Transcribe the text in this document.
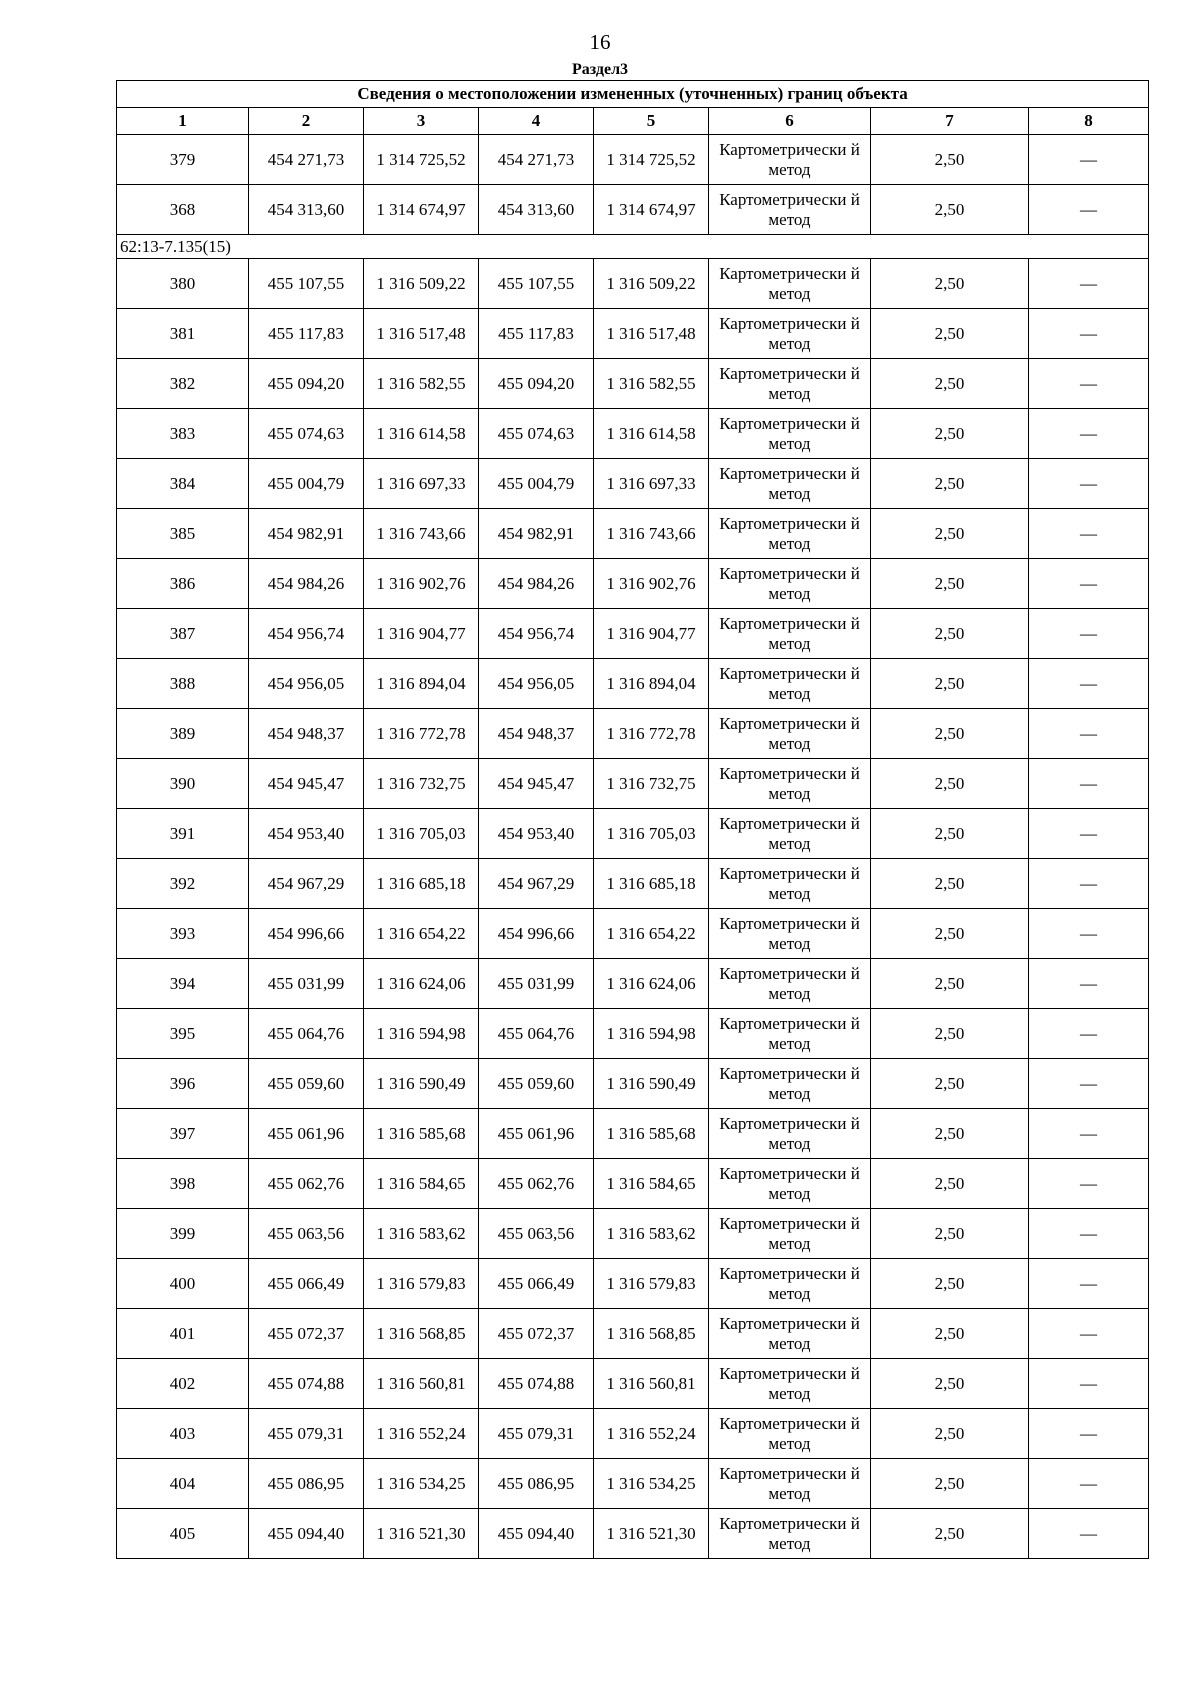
16
Раздел3
Сведения о местоположении измененных (уточненных) границ объекта							
1	2	3	4	5	6	7	8
379	454 271,73	1 314 725,52	454 271,73	1 314 725,52	Картометрически й метод	2,50	—
368	454 313,60	1 314 674,97	454 313,60	1 314 674,97	Картометрически й метод	2,50	—
62:13-7.135(15)							
380	455 107,55	1 316 509,22	455 107,55	1 316 509,22	Картометрически й метод	2,50	—
381	455 117,83	1 316 517,48	455 117,83	1 316 517,48	Картометрически й метод	2,50	—
382	455 094,20	1 316 582,55	455 094,20	1 316 582,55	Картометрически й метод	2,50	—
383	455 074,63	1 316 614,58	455 074,63	1 316 614,58	Картометрически й метод	2,50	—
384	455 004,79	1 316 697,33	455 004,79	1 316 697,33	Картометрически й метод	2,50	—
385	454 982,91	1 316 743,66	454 982,91	1 316 743,66	Картометрически й метод	2,50	—
386	454 984,26	1 316 902,76	454 984,26	1 316 902,76	Картометрически й метод	2,50	—
387	454 956,74	1 316 904,77	454 956,74	1 316 904,77	Картометрически й метод	2,50	—
388	454 956,05	1 316 894,04	454 956,05	1 316 894,04	Картометрически й метод	2,50	—
389	454 948,37	1 316 772,78	454 948,37	1 316 772,78	Картометрически й метод	2,50	—
390	454 945,47	1 316 732,75	454 945,47	1 316 732,75	Картометрически й метод	2,50	—
391	454 953,40	1 316 705,03	454 953,40	1 316 705,03	Картометрически й метод	2,50	—
392	454 967,29	1 316 685,18	454 967,29	1 316 685,18	Картометрически й метод	2,50	—
393	454 996,66	1 316 654,22	454 996,66	1 316 654,22	Картометрически й метод	2,50	—
394	455 031,99	1 316 624,06	455 031,99	1 316 624,06	Картометрически й метод	2,50	—
395	455 064,76	1 316 594,98	455 064,76	1 316 594,98	Картометрически й метод	2,50	—
396	455 059,60	1 316 590,49	455 059,60	1 316 590,49	Картометрически й метод	2,50	—
397	455 061,96	1 316 585,68	455 061,96	1 316 585,68	Картометрически й метод	2,50	—
398	455 062,76	1 316 584,65	455 062,76	1 316 584,65	Картометрически й метод	2,50	—
399	455 063,56	1 316 583,62	455 063,56	1 316 583,62	Картометрически й метод	2,50	—
400	455 066,49	1 316 579,83	455 066,49	1 316 579,83	Картометрически й метод	2,50	—
401	455 072,37	1 316 568,85	455 072,37	1 316 568,85	Картометрически й метод	2,50	—
402	455 074,88	1 316 560,81	455 074,88	1 316 560,81	Картометрически й метод	2,50	—
403	455 079,31	1 316 552,24	455 079,31	1 316 552,24	Картометрически й метод	2,50	—
404	455 086,95	1 316 534,25	455 086,95	1 316 534,25	Картометрически й метод	2,50	—
405	455 094,40	1 316 521,30	455 094,40	1 316 521,30	Картометрически й метод	2,50	—
